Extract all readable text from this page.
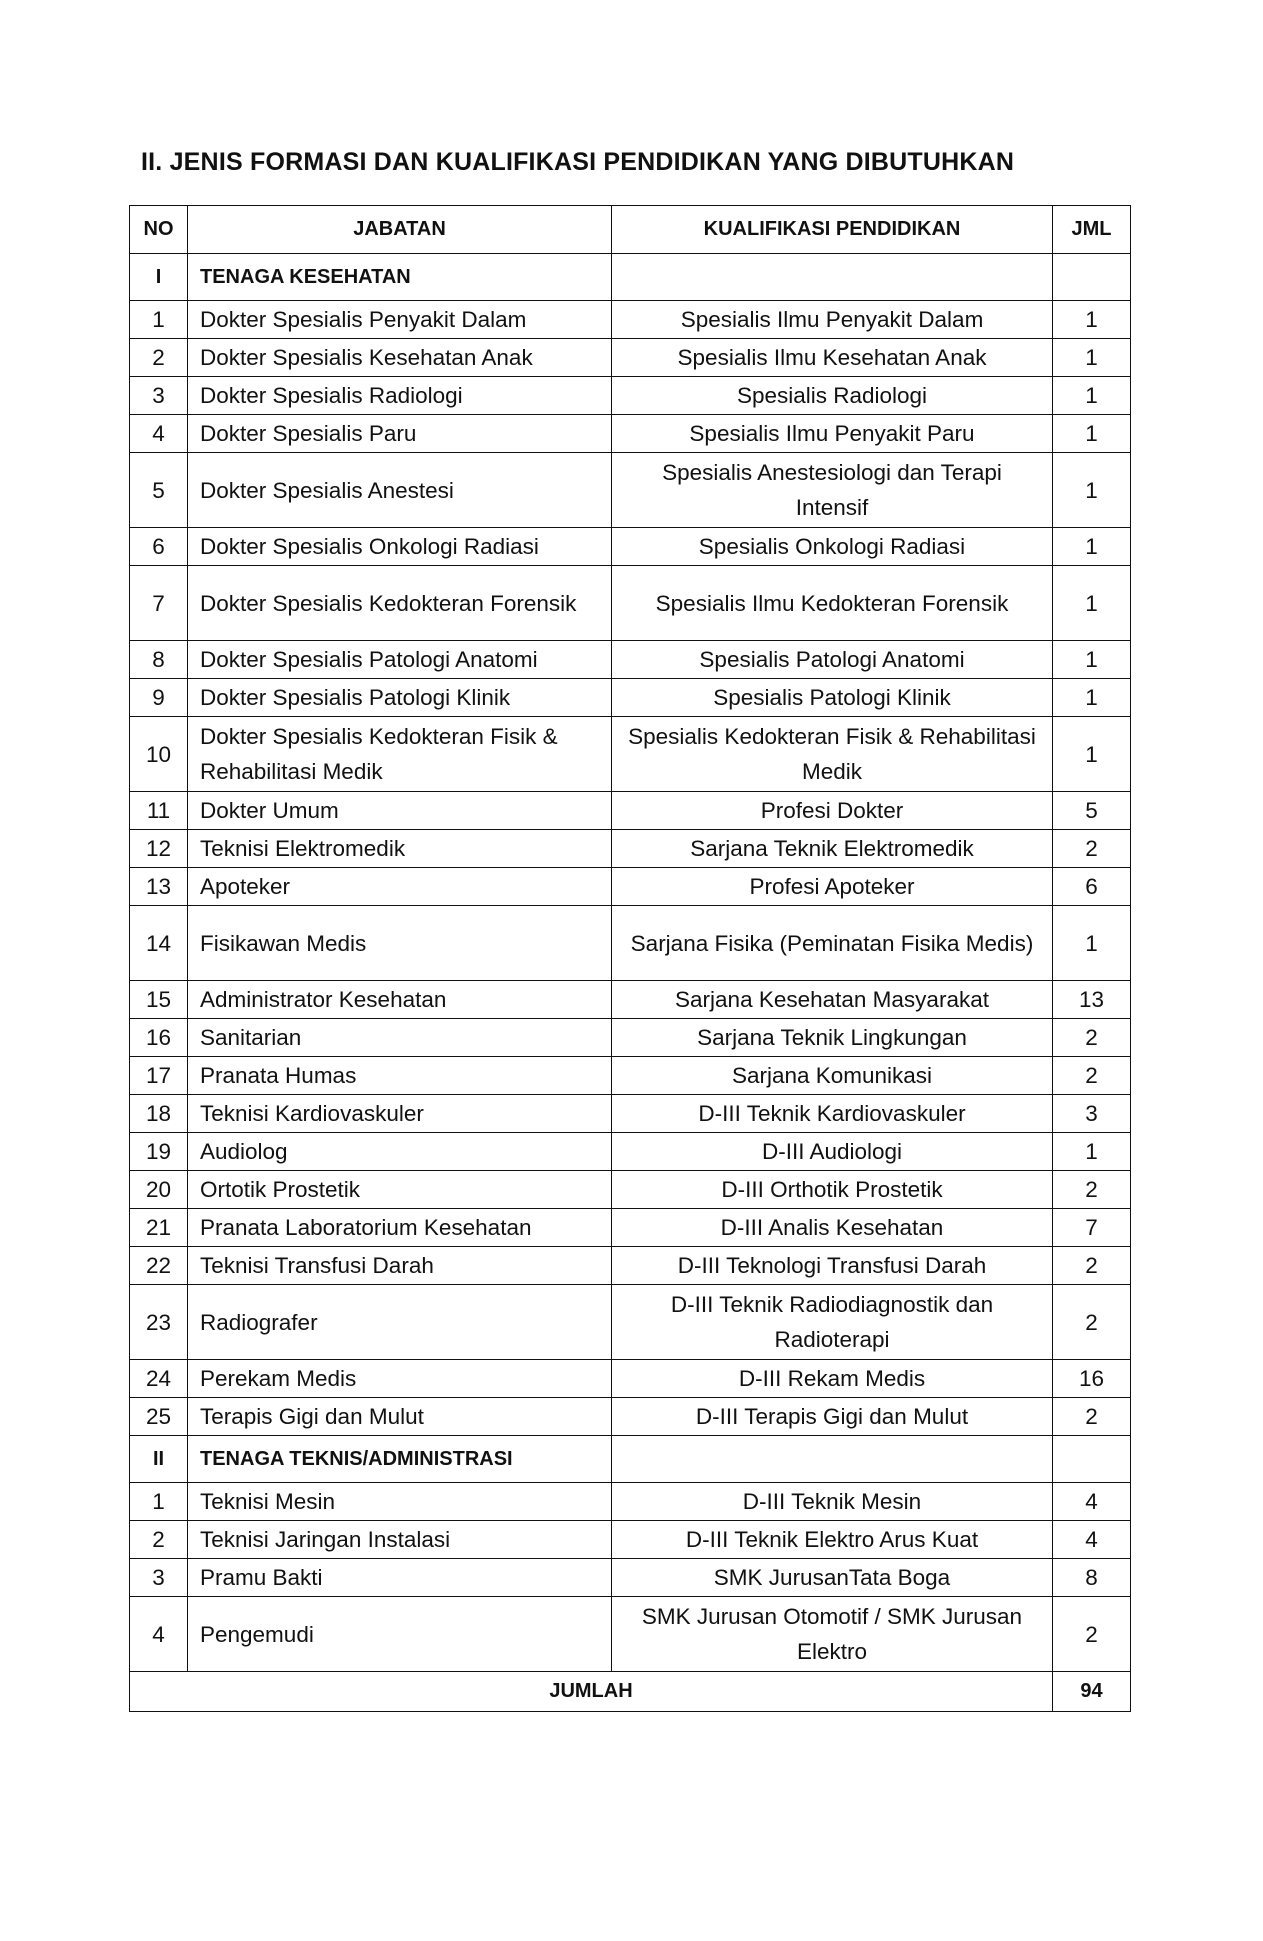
II. JENIS FORMASI DAN KUALIFIKASI PENDIDIKAN YANG DIBUTUHKAN
NO	JABATAN	KUALIFIKASI PENDIDIKAN	JML
I	TENAGA KESEHATAN		
1	Dokter Spesialis Penyakit Dalam	Spesialis Ilmu Penyakit Dalam	1
2	Dokter Spesialis Kesehatan Anak	Spesialis Ilmu Kesehatan Anak	1
3	Dokter Spesialis Radiologi	Spesialis Radiologi	1
4	Dokter Spesialis Paru	Spesialis Ilmu Penyakit Paru	1
5	Dokter Spesialis Anestesi	Spesialis Anestesiologi dan Terapi Intensif	1
6	Dokter Spesialis Onkologi Radiasi	Spesialis Onkologi Radiasi	1
7	Dokter Spesialis Kedokteran Forensik	Spesialis Ilmu Kedokteran Forensik	1
8	Dokter Spesialis Patologi Anatomi	Spesialis Patologi Anatomi	1
9	Dokter Spesialis Patologi Klinik	Spesialis Patologi Klinik	1
10	Dokter Spesialis Kedokteran Fisik & Rehabilitasi Medik	Spesialis Kedokteran Fisik & Rehabilitasi Medik	1
11	Dokter Umum	Profesi Dokter	5
12	Teknisi Elektromedik	Sarjana Teknik Elektromedik	2
13	Apoteker	Profesi Apoteker	6
14	Fisikawan Medis	Sarjana Fisika (Peminatan Fisika Medis)	1
15	Administrator Kesehatan	Sarjana Kesehatan Masyarakat	13
16	Sanitarian	Sarjana Teknik Lingkungan	2
17	Pranata Humas	Sarjana Komunikasi	2
18	Teknisi Kardiovaskuler	D-III Teknik Kardiovaskuler	3
19	Audiolog	D-III Audiologi	1
20	Ortotik Prostetik	D-III Orthotik Prostetik	2
21	Pranata Laboratorium Kesehatan	D-III Analis Kesehatan	7
22	Teknisi Transfusi Darah	D-III Teknologi Transfusi Darah	2
23	Radiografer	D-III Teknik Radiodiagnostik dan Radioterapi	2
24	Perekam Medis	D-III Rekam Medis	16
25	Terapis Gigi dan Mulut	D-III Terapis Gigi dan Mulut	2
II	TENAGA TEKNIS/ADMINISTRASI		
1	Teknisi Mesin	D-III Teknik Mesin	4
2	Teknisi Jaringan Instalasi	D-III Teknik Elektro Arus Kuat	4
3	Pramu Bakti	SMK JurusanTata Boga	8
4	Pengemudi	SMK Jurusan Otomotif / SMK Jurusan Elektro	2
JUMLAH			94
